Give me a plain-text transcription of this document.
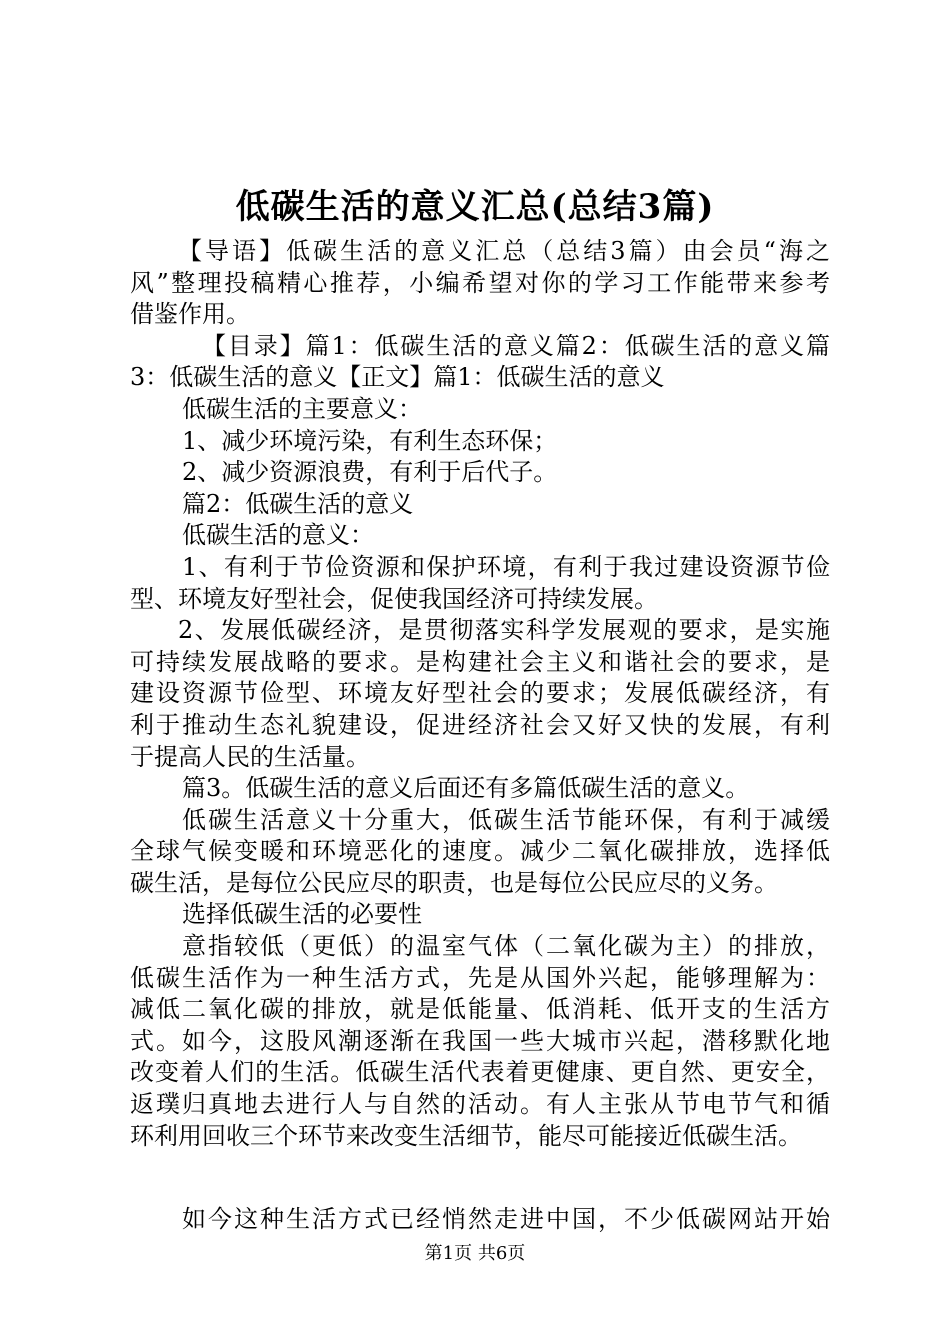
低碳生活的意义汇总(总结3篇)
【导语】低碳生活的意义汇总（总结3篇）由会员“海之
风”整理投稿精心推荐，小编希望对你的学习工作能带来参考
借鉴作用。
【目录】篇1：低碳生活的意义篇2：低碳生活的意义篇
3：低碳生活的意义【正文】篇1：低碳生活的意义
低碳生活的主要意义：
1、减少环境污染，有利生态环保；
2、减少资源浪费，有利于后代子。
篇2：低碳生活的意义
低碳生活的意义：
1、有利于节俭资源和保护环境，有利于我过建设资源节俭
型、环境友好型社会，促使我国经济可持续发展。
2、发展低碳经济，是贯彻落实科学发展观的要求，是实施
可持续发展战略的要求。是构建社会主义和谐社会的要求，是
建设资源节俭型、环境友好型社会的要求；发展低碳经济，有
利于推动生态礼貌建设，促进经济社会又好又快的发展，有利
于提高人民的生活量。
篇3。低碳生活的意义后面还有多篇低碳生活的意义。
低碳生活意义十分重大，低碳生活节能环保，有利于减缓
全球气候变暖和环境恶化的速度。减少二氧化碳排放，选择低
碳生活，是每位公民应尽的职责，也是每位公民应尽的义务。
选择低碳生活的必要性
意指较低（更低）的温室气体（二氧化碳为主）的排放，
低碳生活作为一种生活方式，先是从国外兴起，能够理解为：
减低二氧化碳的排放，就是低能量、低消耗、低开支的生活方
式。如今，这股风潮逐渐在我国一些大城市兴起，潜移默化地
改变着人们的生活。低碳生活代表着更健康、更自然、更安全，
返璞归真地去进行人与自然的活动。有人主张从节电节气和循
环利用回收三个环节来改变生活细节，能尽可能接近低碳生活。
如今这种生活方式已经悄然走进中国，不少低碳网站开始
第1页 共6页
